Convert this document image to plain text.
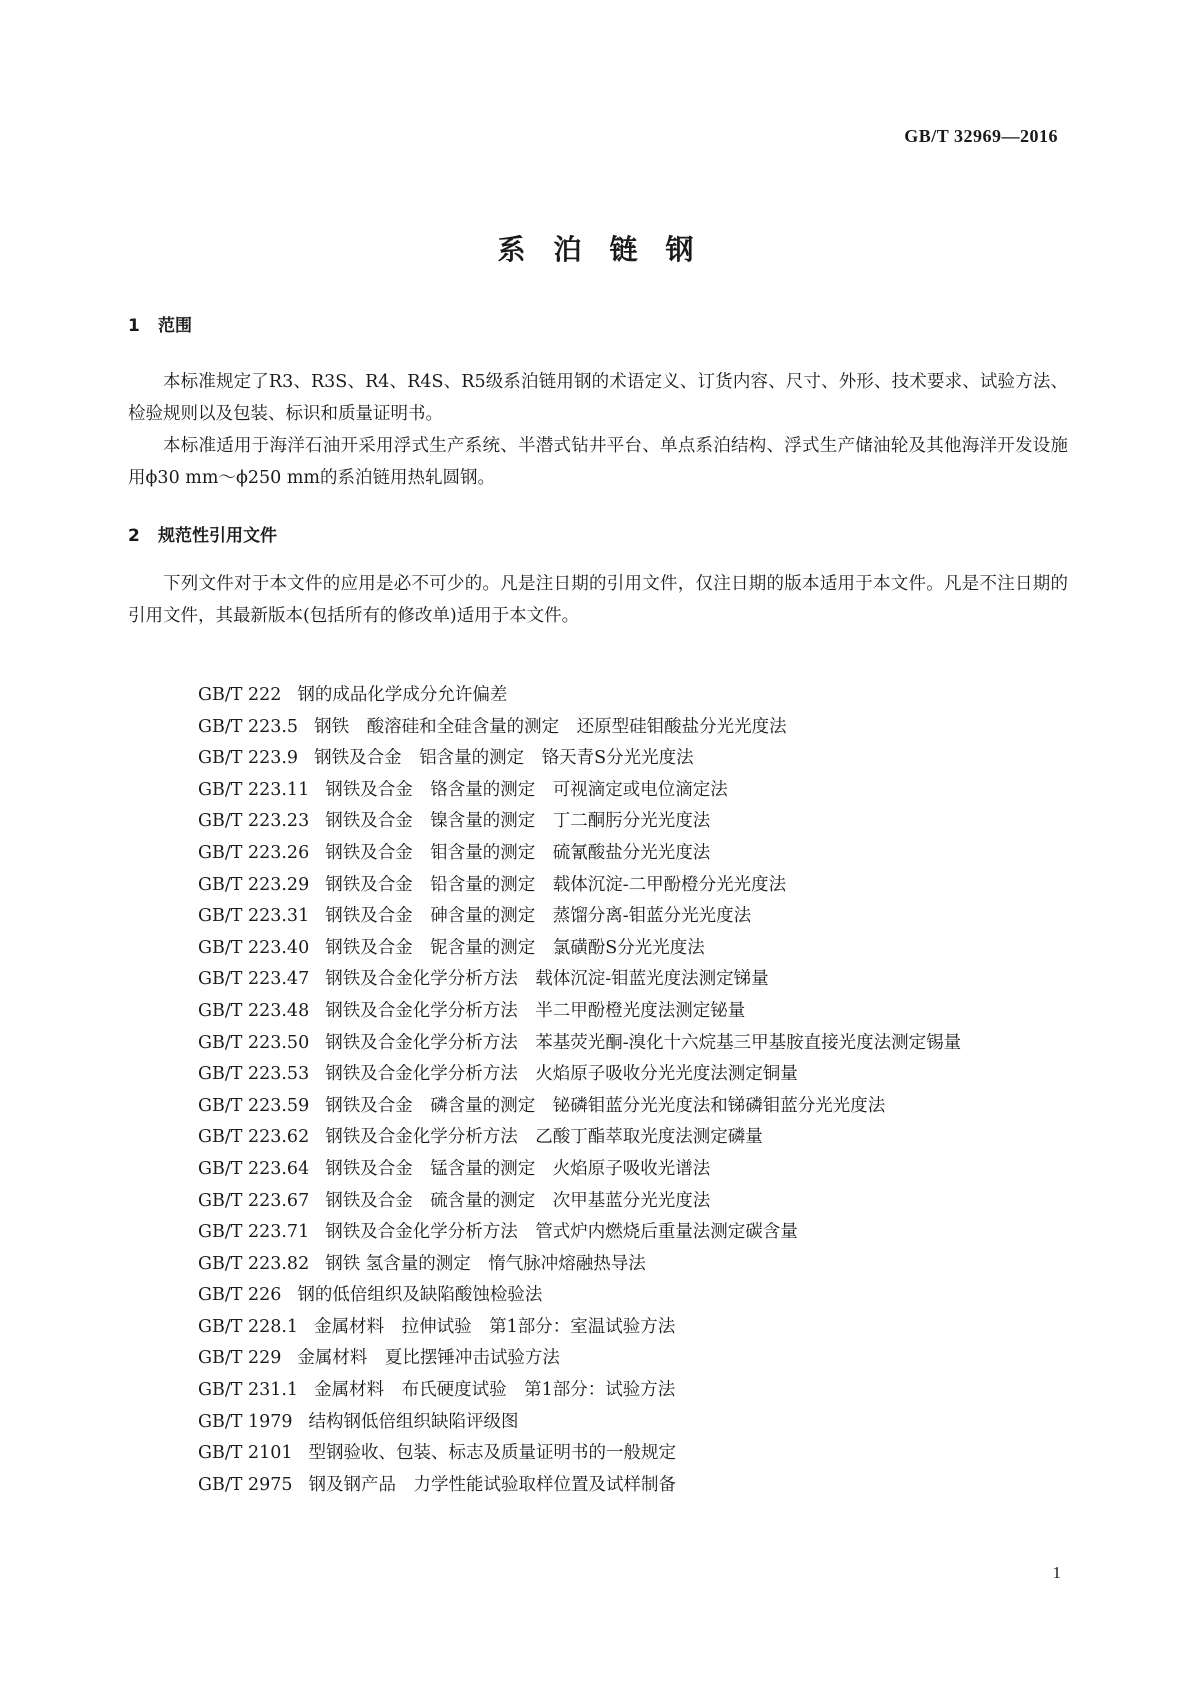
GB/T 32969—2016
系泊链钢
1 范围

本标准规定了R3、R3S、R4、R4S、R5级系泊链用钢的术语定义、订货内容、尺寸、外形、技术要求、试验方法、检验规则以及包装、标识和质量证明书。

本标准适用于海洋石油开采用浮式生产系统、半潜式钻井平台、单点系泊结构、浮式生产储油轮及其他海洋开发设施用ϕ30 mm～ϕ250 mm的系泊链用热轧圆钢。

2 规范性引用文件

下列文件对于本文件的应用是必不可少的。凡是注日期的引用文件，仅注日期的版本适用于本文件。凡是不注日期的引用文件，其最新版本(包括所有的修改单)适用于本文件。

GB/T 222 钢的成品化学成分允许偏差
GB/T 223.5 钢铁　酸溶硅和全硅含量的测定　还原型硅钼酸盐分光光度法
GB/T 223.9 钢铁及合金　铝含量的测定　铬天青S分光光度法
GB/T 223.11 钢铁及合金　铬含量的测定　可视滴定或电位滴定法
GB/T 223.23 钢铁及合金　镍含量的测定　丁二酮肟分光光度法
GB/T 223.26 钢铁及合金　钼含量的测定　硫氰酸盐分光光度法
GB/T 223.29 钢铁及合金　铅含量的测定　载体沉淀-二甲酚橙分光光度法
GB/T 223.31 钢铁及合金　砷含量的测定　蒸馏分离-钼蓝分光光度法
GB/T 223.40 钢铁及合金　铌含量的测定　氯磺酚S分光光度法
GB/T 223.47 钢铁及合金化学分析方法　载体沉淀-钼蓝光度法测定锑量
GB/T 223.48 钢铁及合金化学分析方法　半二甲酚橙光度法测定铋量
GB/T 223.50 钢铁及合金化学分析方法　苯基荧光酮-溴化十六烷基三甲基胺直接光度法测定锡量
GB/T 223.53 钢铁及合金化学分析方法　火焰原子吸收分光光度法测定铜量
GB/T 223.59 钢铁及合金　磷含量的测定　铋磷钼蓝分光光度法和锑磷钼蓝分光光度法
GB/T 223.62 钢铁及合金化学分析方法　乙酸丁酯萃取光度法测定磷量
GB/T 223.64 钢铁及合金　锰含量的测定　火焰原子吸收光谱法
GB/T 223.67 钢铁及合金　硫含量的测定　次甲基蓝分光光度法
GB/T 223.71 钢铁及合金化学分析方法　管式炉内燃烧后重量法测定碳含量
GB/T 223.82 钢铁 氢含量的测定　惰气脉冲熔融热导法
GB/T 226 钢的低倍组织及缺陷酸蚀检验法
GB/T 228.1 金属材料　拉伸试验　第1部分：室温试验方法
GB/T 229 金属材料　夏比摆锤冲击试验方法
GB/T 231.1 金属材料　布氏硬度试验　第1部分：试验方法
GB/T 1979 结构钢低倍组织缺陷评级图
GB/T 2101 型钢验收、包装、标志及质量证明书的一般规定
GB/T 2975 钢及钢产品　力学性能试验取样位置及试样制备
1
